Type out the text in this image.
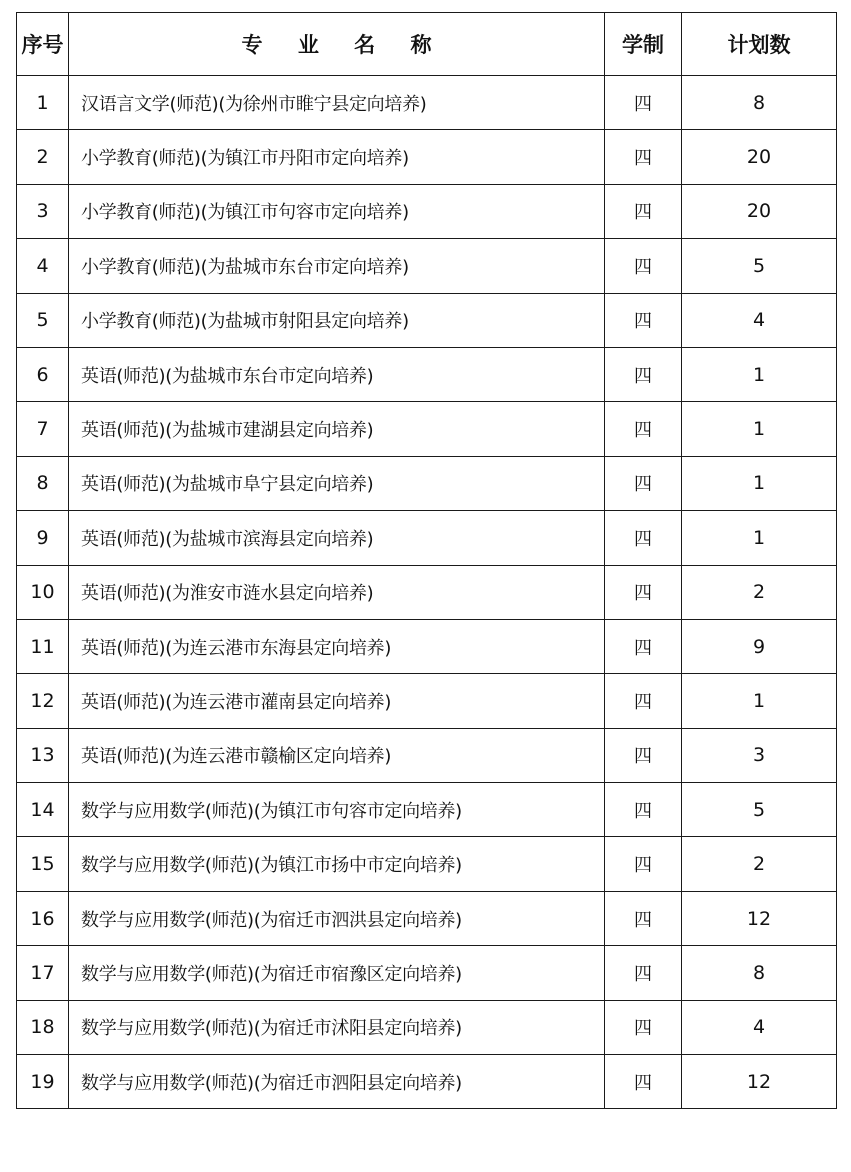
序号	专 业 名 称	学制	计划数
1	汉语言文学(师范)(为徐州市睢宁县定向培养)	四	8
2	小学教育(师范)(为镇江市丹阳市定向培养)	四	20
3	小学教育(师范)(为镇江市句容市定向培养)	四	20
4	小学教育(师范)(为盐城市东台市定向培养)	四	5
5	小学教育(师范)(为盐城市射阳县定向培养)	四	4
6	英语(师范)(为盐城市东台市定向培养)	四	1
7	英语(师范)(为盐城市建湖县定向培养)	四	1
8	英语(师范)(为盐城市阜宁县定向培养)	四	1
9	英语(师范)(为盐城市滨海县定向培养)	四	1
10	英语(师范)(为淮安市涟水县定向培养)	四	2
11	英语(师范)(为连云港市东海县定向培养)	四	9
12	英语(师范)(为连云港市灌南县定向培养)	四	1
13	英语(师范)(为连云港市赣榆区定向培养)	四	3
14	数学与应用数学(师范)(为镇江市句容市定向培养)	四	5
15	数学与应用数学(师范)(为镇江市扬中市定向培养)	四	2
16	数学与应用数学(师范)(为宿迁市泗洪县定向培养)	四	12
17	数学与应用数学(师范)(为宿迁市宿豫区定向培养)	四	8
18	数学与应用数学(师范)(为宿迁市沭阳县定向培养)	四	4
19	数学与应用数学(师范)(为宿迁市泗阳县定向培养)	四	12
